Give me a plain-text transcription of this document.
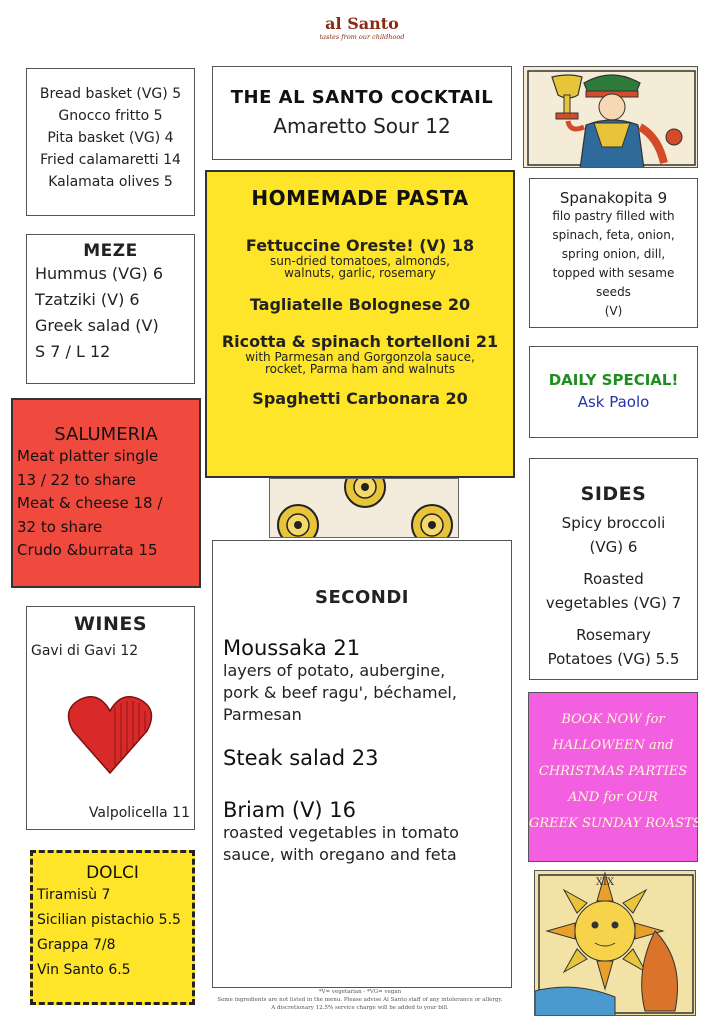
al Santo
tastes from our childhood
Bread basket (VG) 5
Gnocco fritto 5
Pita basket (VG) 4
Fried calamaretti 14
Kalamata olives 5
THE AL SANTO COCKTAIL
Amaretto Sour 12
HOMEMADE PASTA
Fettuccine Oreste! (V) 18
sun-dried tomatoes, almonds,
walnuts, garlic, rosemary
Tagliatelle Bolognese 20
Ricotta & spinach tortelloni 21
with Parmesan and Gorgonzola sauce,
rocket, Parma ham and walnuts
Spaghetti Carbonara 20
Spanakopita 9
filo pastry filled with
spinach, feta, onion,
spring onion, dill,
topped with sesame
seeds
(V)
MEZE
Hummus (VG) 6
Tzatziki (V) 6
Greek salad (V)
S 7 / L 12
DAILY SPECIAL!
Ask Paolo
SALUMERIA
Meat platter single
13 / 22 to share
Meat & cheese 18 /
32 to share
Crudo &burrata 15
SIDES
Spicy broccoli
(VG) 6
Roasted
vegetables (VG) 7
Rosemary
Potatoes (VG) 5.5
SECONDI
Moussaka 21
layers of potato, aubergine,
pork & beef ragu', béchamel,
Parmesan
Steak salad 23
Briam (V) 16
roasted vegetables in tomato
sauce, with oregano and feta
WINES
Gavi di Gavi 12
Valpolicella 11
BOOK NOW for
HALLOWEEN and
CHRISTMAS PARTIES
AND for OUR
GREEK SUNDAY ROASTS
DOLCI
Tiramisù 7
Sicilian pistachio 5.5
Grappa 7/8
Vin Santo 6.5
XIX
*V= vegetarian - *VG= vegan
Some ingredients are not listed in the menu. Please advise Al Santo staff of any intolerance or allergy.
A discretionary 12.5% service charge will be added to your bill.
